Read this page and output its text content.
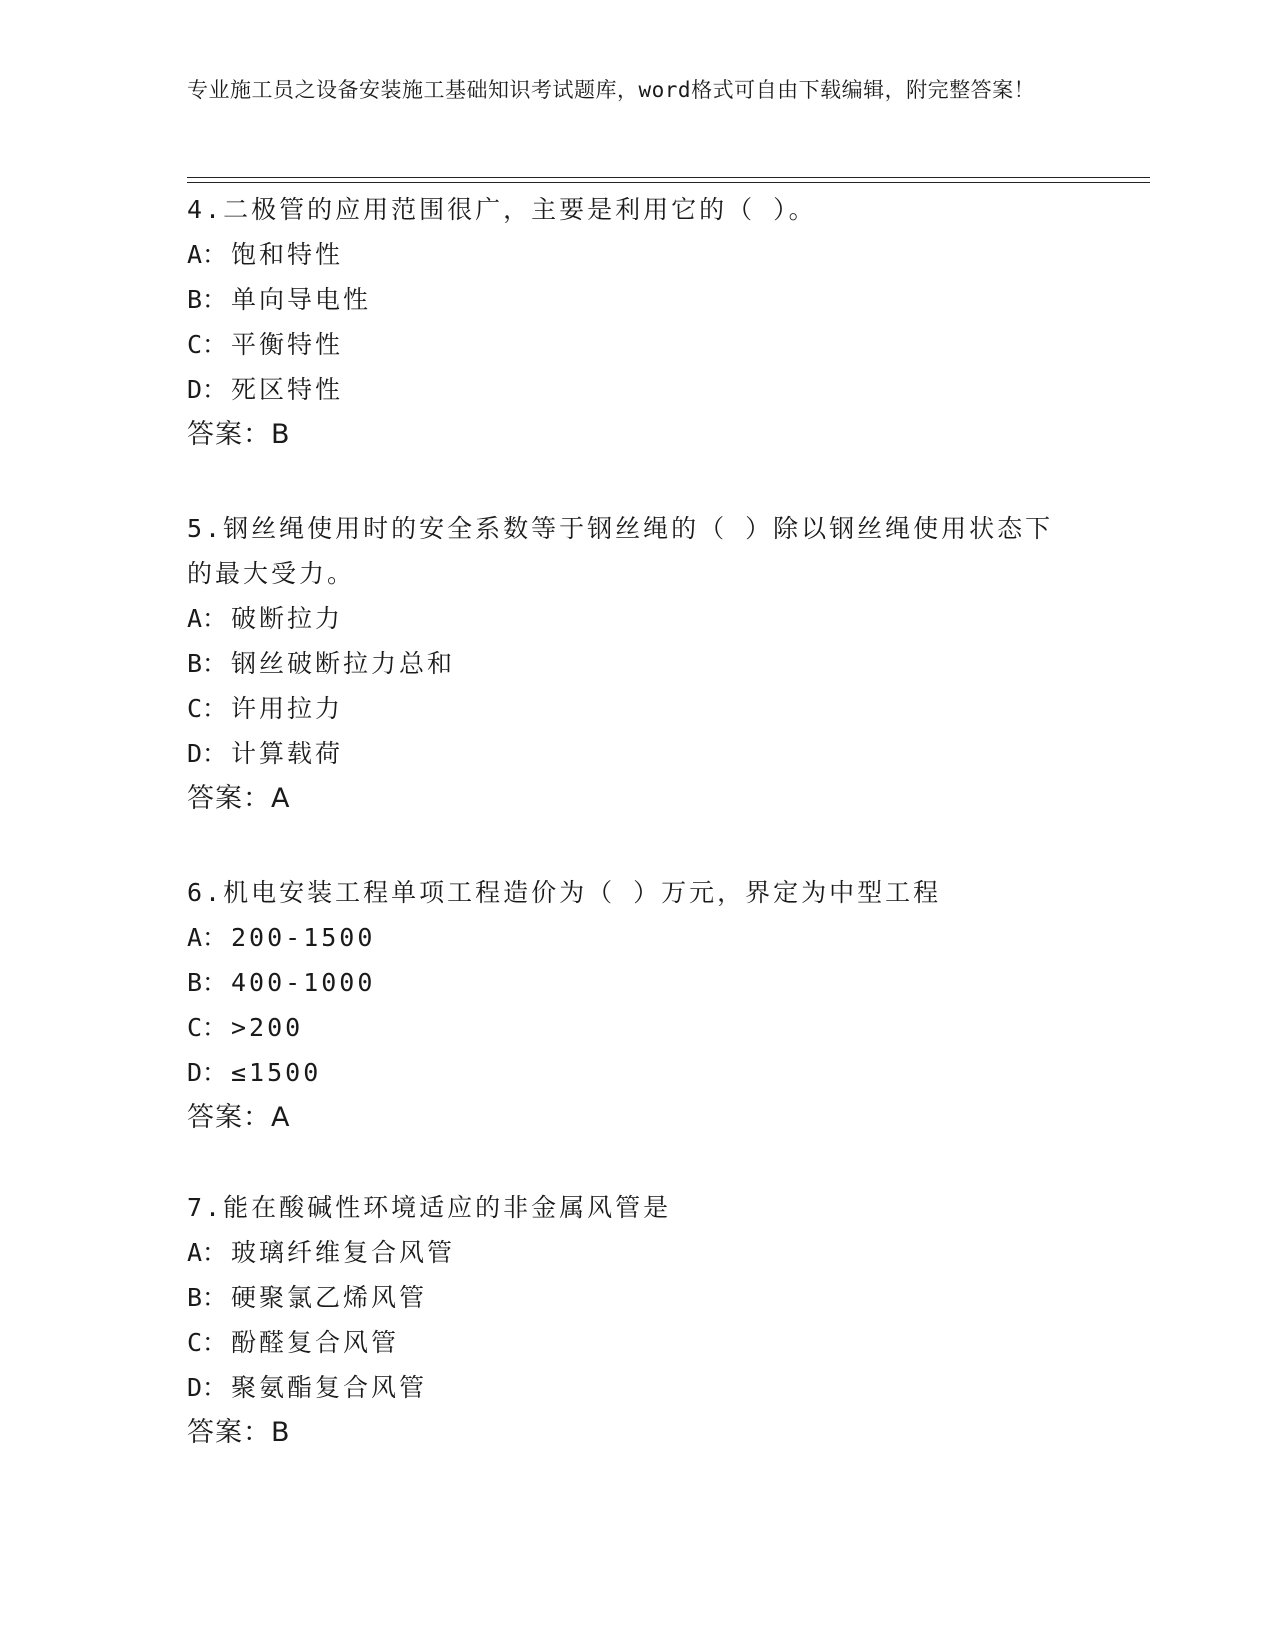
专业施工员之设备安装施工基础知识考试题库，word格式可自由下载编辑，附完整答案！
4.二极管的应用范围很广，主要是利用它的（ ）。
A： 饱和特性
B： 单向导电性
C： 平衡特性
D： 死区特性
答案：B
5.钢丝绳使用时的安全系数等于钢丝绳的（ ）除以钢丝绳使用状态下的最大受力。
A： 破断拉力
B： 钢丝破断拉力总和
C： 许用拉力
D： 计算载荷
答案：A
6.机电安装工程单项工程造价为（ ）万元，界定为中型工程
A： 200-1500
B： 400-1000
C： >200
D： ≤1500
答案：A
7.能在酸碱性环境适应的非金属风管是
A： 玻璃纤维复合风管
B： 硬聚氯乙烯风管
C： 酚醛复合风管
D： 聚氨酯复合风管
答案：B
